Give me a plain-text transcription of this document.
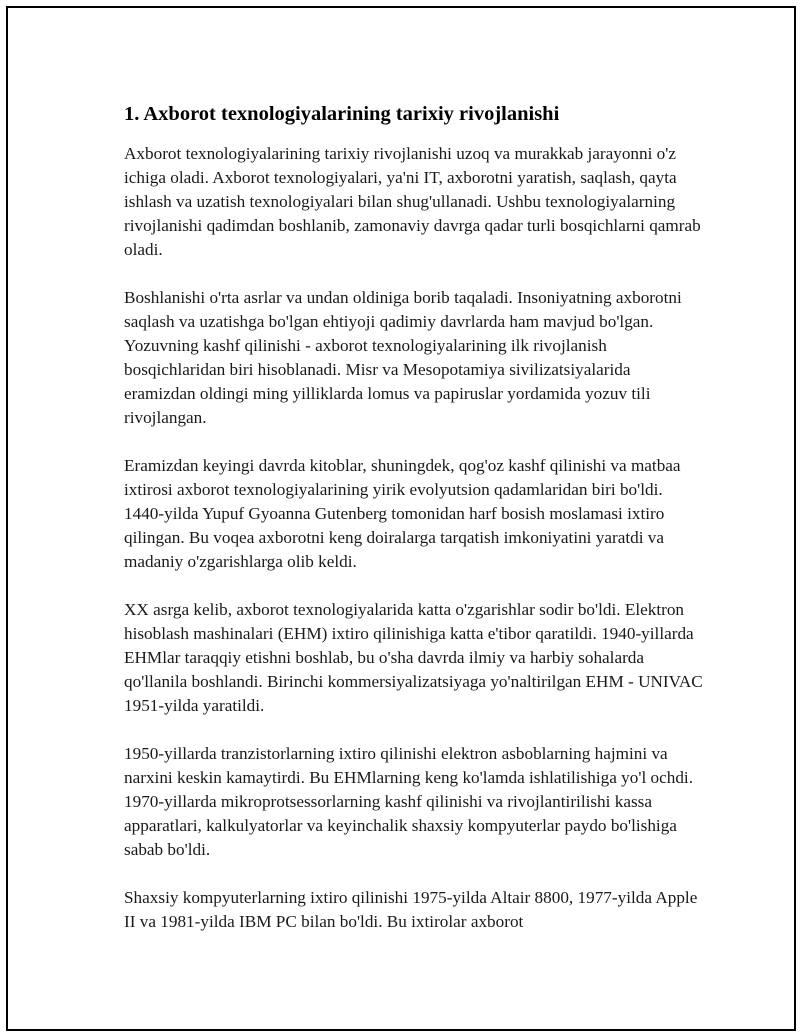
1. Axborot texnologiyalarining tarixiy rivojlanishi

Axborot texnologiyalarining tarixiy rivojlanishi uzoq va murakkab jarayonni o'z ichiga oladi. Axborot texnologiyalari, ya'ni IT, axborotni yaratish, saqlash, qayta ishlash va uzatish texnologiyalari bilan shug'ullanadi. Ushbu texnologiyalarning rivojlanishi qadimdan boshlanib, zamonaviy davrga qadar turli bosqichlarni qamrab oladi.

Boshlanishi o'rta asrlar va undan oldiniga borib taqaladi. Insoniyatning axborotni saqlash va uzatishga bo'lgan ehtiyoji qadimiy davrlarda ham mavjud bo'lgan. Yozuvning kashf qilinishi - axborot texnologiyalarining ilk rivojlanish bosqichlaridan biri hisoblanadi. Misr va Mesopotamiya sivilizatsiyalarida eramizdan oldingi ming yilliklarda lomus va papiruslar yordamida yozuv tili rivojlangan.

Eramizdan keyingi davrda kitoblar, shuningdek, qog'oz kashf qilinishi va matbaa ixtirosi axborot texnologiyalarining yirik evolyutsion qadamlaridan biri bo'ldi. 1440-yilda Yupuf Gyoanna Gutenberg tomonidan harf bosish moslamasi ixtiro qilingan. Bu voqea axborotni keng doiralarga tarqatish imkoniyatini yaratdi va madaniy o'zgarishlarga olib keldi.

XX asrga kelib, axborot texnologiyalarida katta o'zgarishlar sodir bo'ldi. Elektron hisoblash mashinalari (EHM) ixtiro qilinishiga katta e'tibor qaratildi. 1940-yillarda EHMlar taraqqiy etishni boshlab, bu o'sha davrda ilmiy va harbiy sohalarda qo'llanila boshlandi. Birinchi kommersiyalizatsiyaga yo'naltirilgan EHM - UNIVAC 1951-yilda yaratildi.

1950-yillarda tranzistorlarning ixtiro qilinishi elektron asboblarning hajmini va narxini keskin kamaytirdi. Bu EHMlarning keng ko'lamda ishlatilishiga yo'l ochdi. 1970-yillarda mikroprotsessorlarning kashf qilinishi va rivojlantirilishi kassa apparatlari, kalkulyatorlar va keyinchalik shaxsiy kompyuterlar paydo bo'lishiga sabab bo'ldi.

Shaxsiy kompyuterlarning ixtiro qilinishi 1975-yilda Altair 8800, 1977-yilda Apple II va 1981-yilda IBM PC bilan bo'ldi. Bu ixtirolar axborot
